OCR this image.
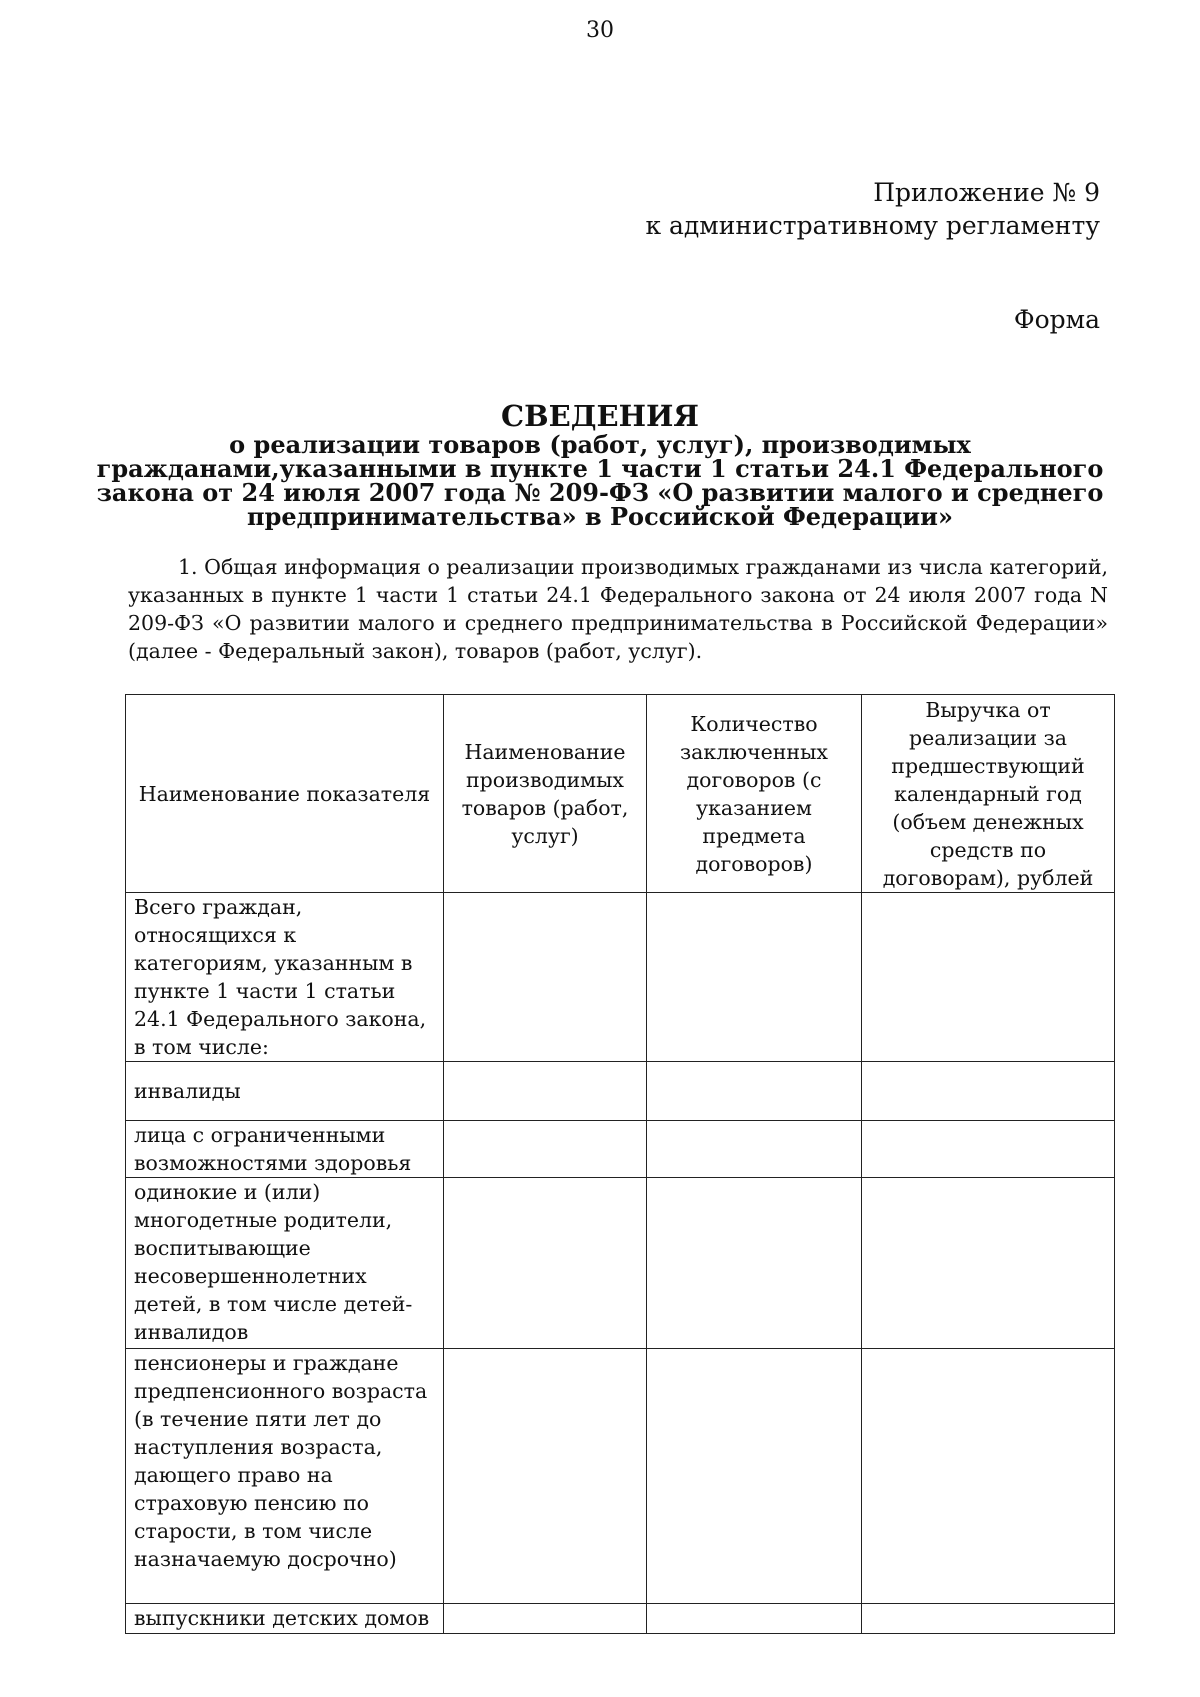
30
Приложение № 9
к административному регламенту
Форма
СВЕДЕНИЯ
о реализации товаров (работ, услуг), производимых
гражданами,указанными в пункте 1 части 1 статьи 24.1 Федерального
закона от 24 июля 2007 года № 209-ФЗ «О развитии малого и среднего
предпринимательства» в Российской Федерации»
1. Общая информация о реализации производимых гражданами из числа категорий, указанных в пункте 1 части 1 статьи 24.1 Федерального закона от 24 июля 2007 года N 209-ФЗ «О развитии малого и среднего предпринимательства в Российской Федерации» (далее - Федеральный закон), товаров (работ, услуг).
Наименование показателя	Наименование производимых товаров (работ, услуг)	Количество заключенных договоров (с указанием предмета договоров)	Выручка от реализации за предшествующий календарный год (объем денежных средств по договорам), рублей
Всего граждан, относящихся к категориям, указанным в пункте 1 части 1 статьи 24.1 Федерального закона, в том числе:			
инвалиды			
лица с ограниченными возможностями здоровья			
одинокие и (или) многодетные родители, воспитывающие несовершеннолетних детей, в том числе детей-инвалидов			
пенсионеры и граждане предпенсионного возраста (в течение пяти лет до наступления возраста, дающего право на страховую пенсию по старости, в том числе назначаемую досрочно)			
выпускники детских домов			
